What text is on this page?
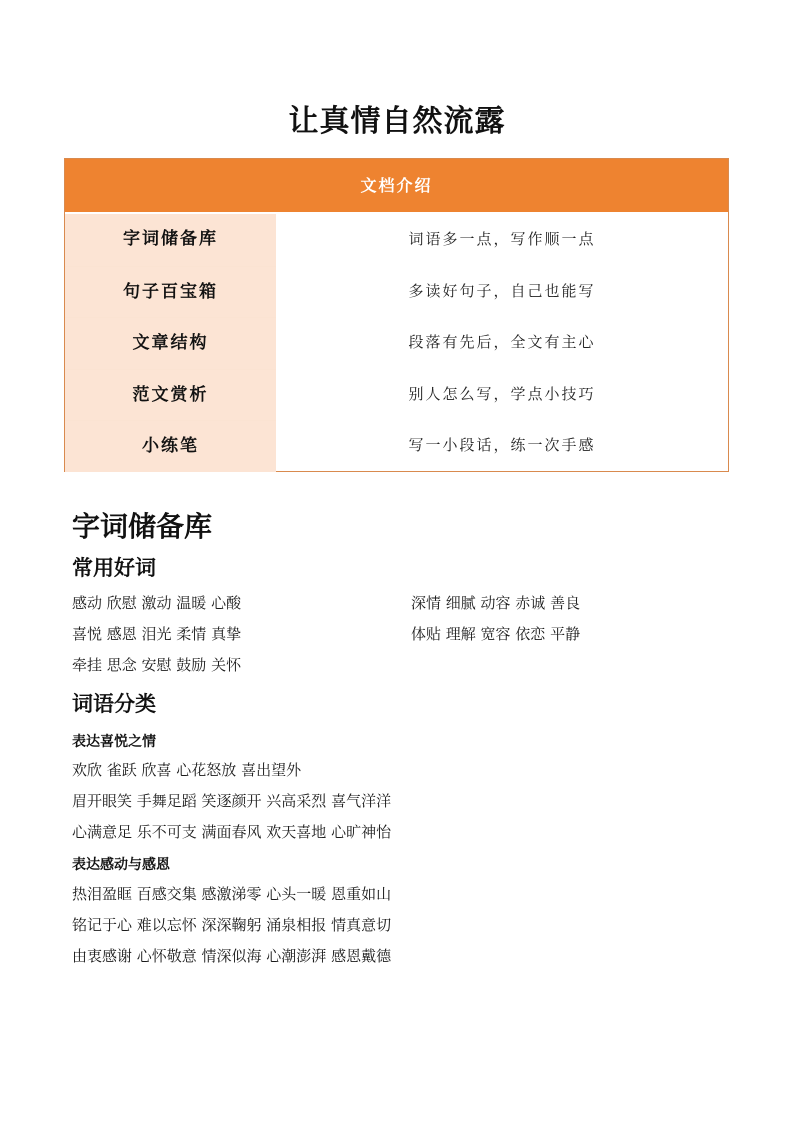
让真情自然流露
文档介绍
字词储备库	词语多一点，写作顺一点
句子百宝箱	多读好句子，自己也能写
文章结构	段落有先后，全文有主心
范文赏析	别人怎么写，学点小技巧
小练笔	写一小段话，练一次手感
字词储备库
常用好词
感动 欣慰 激动 温暖 心酸
喜悦 感恩 泪光 柔情 真挚
牵挂 思念 安慰 鼓励 关怀
深情 细腻 动容 赤诚 善良
体贴 理解 宽容 依恋 平静
词语分类
表达喜悦之情
欢欣 雀跃 欣喜 心花怒放 喜出望外
眉开眼笑 手舞足蹈 笑逐颜开 兴高采烈 喜气洋洋
心满意足 乐不可支 满面春风 欢天喜地 心旷神怡
表达感动与感恩
热泪盈眶 百感交集 感激涕零 心头一暖 恩重如山
铭记于心 难以忘怀 深深鞠躬 涌泉相报 情真意切
由衷感谢 心怀敬意 情深似海 心潮澎湃 感恩戴德
